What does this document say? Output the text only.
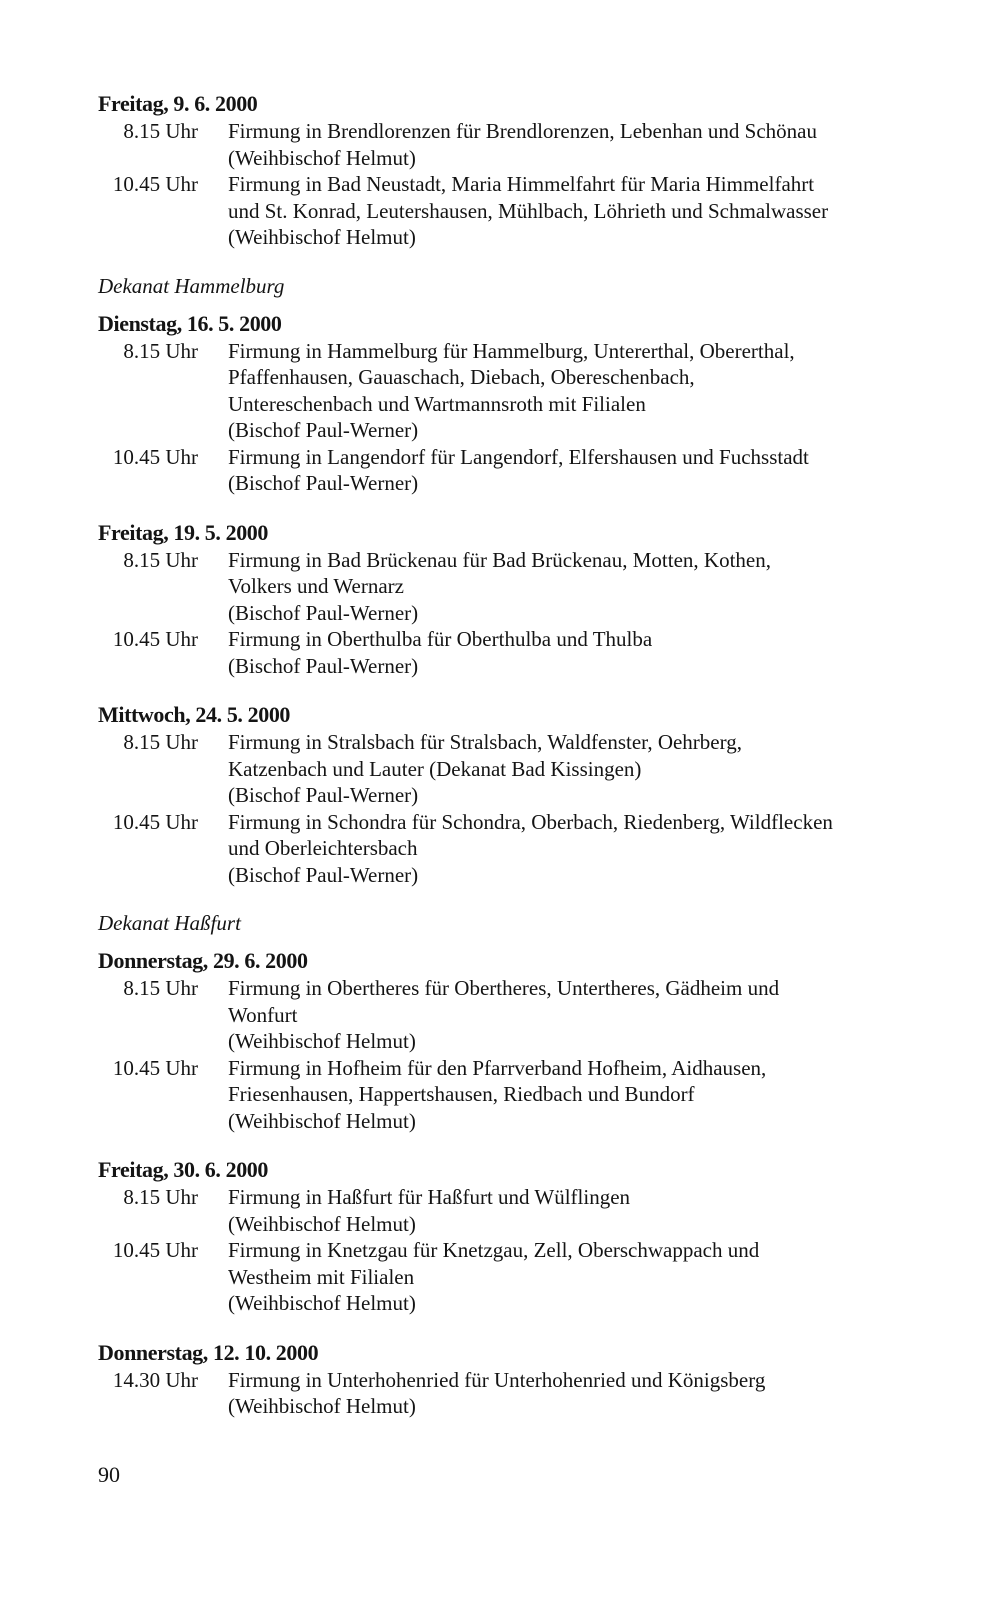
Freitag, 9. 6. 2000
8.15 Uhr	Firmung in Brendlorenzen für Brendlorenzen, Lebenhan und Schönau
(Weihbischof Helmut)
10.45 Uhr	Firmung in Bad Neustadt, Maria Himmelfahrt für Maria Himmelfahrt
und St. Konrad, Leutershausen, Mühlbach, Löhrieth und Schmalwasser
(Weihbischof Helmut)
Dekanat Hammelburg
Dienstag, 16. 5. 2000
8.15 Uhr	Firmung in Hammelburg für Hammelburg, Untererthal, Obererthal,
Pfaffenhausen, Gauaschach, Diebach, Obereschenbach,
Untereschenbach und Wartmannsroth mit Filialen
(Bischof Paul-Werner)
10.45 Uhr	Firmung in Langendorf für Langendorf, Elfershausen und Fuchsstadt
(Bischof Paul-Werner)
Freitag, 19. 5. 2000
8.15 Uhr	Firmung in Bad Brückenau für Bad Brückenau, Motten, Kothen,
Volkers und Wernarz
(Bischof Paul-Werner)
10.45 Uhr	Firmung in Oberthulba für Oberthulba und Thulba
(Bischof Paul-Werner)
Mittwoch, 24. 5. 2000
8.15 Uhr	Firmung in Stralsbach für Stralsbach, Waldfenster, Oehrberg,
Katzenbach und Lauter (Dekanat Bad Kissingen)
(Bischof Paul-Werner)
10.45 Uhr	Firmung in Schondra für Schondra, Oberbach, Riedenberg, Wildflecken
und Oberleichtersbach
(Bischof Paul-Werner)
Dekanat Haßfurt
Donnerstag, 29. 6. 2000
8.15 Uhr	Firmung in Obertheres für Obertheres, Untertheres, Gädheim und
Wonfurt
(Weihbischof Helmut)
10.45 Uhr	Firmung in Hofheim für den Pfarrverband Hofheim, Aidhausen,
Friesenhausen, Happertshausen, Riedbach und Bundorf
(Weihbischof Helmut)
Freitag, 30. 6. 2000
8.15 Uhr	Firmung in Haßfurt für Haßfurt und Wülflingen
(Weihbischof Helmut)
10.45 Uhr	Firmung in Knetzgau für Knetzgau, Zell, Oberschwappach und
Westheim mit Filialen
(Weihbischof Helmut)
Donnerstag, 12. 10. 2000
14.30 Uhr	Firmung in Unterhohenried für Unterhohenried und Königsberg
(Weihbischof Helmut)
90
